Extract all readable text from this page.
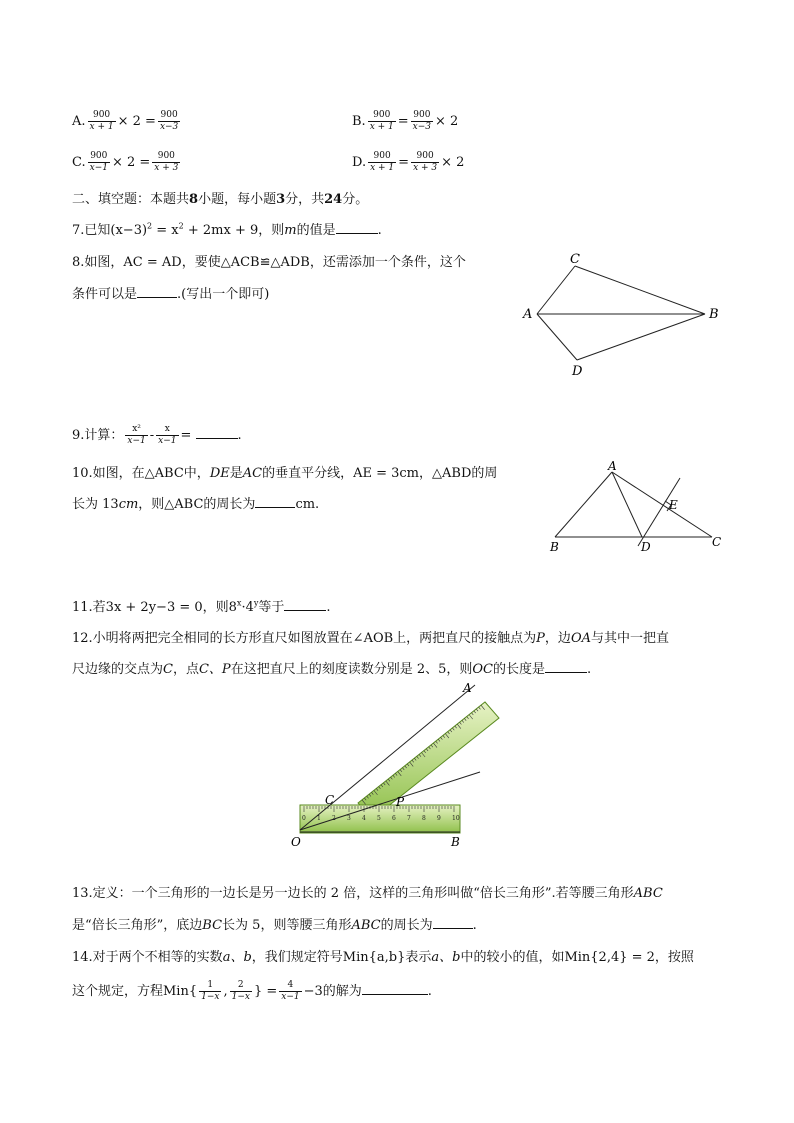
A. $\frac{900}{x + 1} \times 2 = \frac{900}{x-3}$	B. $\frac{900}{x + 1} = \frac{900}{x-3} \times 2$
C. $\frac{900}{x-1} \times 2 = \frac{900}{x + 3}$	D. $\frac{900}{x + 1} = \frac{900}{x + 3} \times 2$
二、填空题：本题共8小题，每小题3分，共24分。
7.已知$(x-3)^2 = x^2 + 2mx + 9$，则m的值是	.
8.如图，AC = AD，要使△ACB≌△ADB，还需添加一个条件，这个
条件可以是	.(写出一个即可)
C
A	B
D
9.计算： $\frac{\text{x²}}{x-1} - \frac{x}{x-1}$ =	.
10.如图，在△ABC中，DE是AC的垂直平分线，AE = 3cm，△ABD的周
长为 13cm，则△ABC的周长为	cm.
A
B	D	C
E
11.若3x + 2y−3 = 0，则$8^x\cdot 4^y$等于	.
12.小明将两把完全相同的长方形直尺如图放置在∠AOB上，两把直尺的接触点为P，边OA与其中一把直
尺边缘的交点为C，点C、P在这把直尺上的刻度读数分别是 2、5，则OC的长度是	.
0 1 2 3 4 5 6 7 8 9 10
O	B
C	P
A
13.定义：一个三角形的一边长是另一边长的 2 倍，这样的三角形叫做“倍长三角形”.若等腰三角形ABC
是“倍长三角形”，底边BC长为 5，则等腰三角形ABC的周长为	.
14.对于两个不相等的实数a、b，我们规定符号Min{a,b}表示a、b中的较小的值，如Min{2,4} = 2，按照
这个规定，方程$Min\{ \frac{1}{1-x}$ , $\frac{2}{1-x}$ } = $\frac{4}{x-1} -3$的解为	.
